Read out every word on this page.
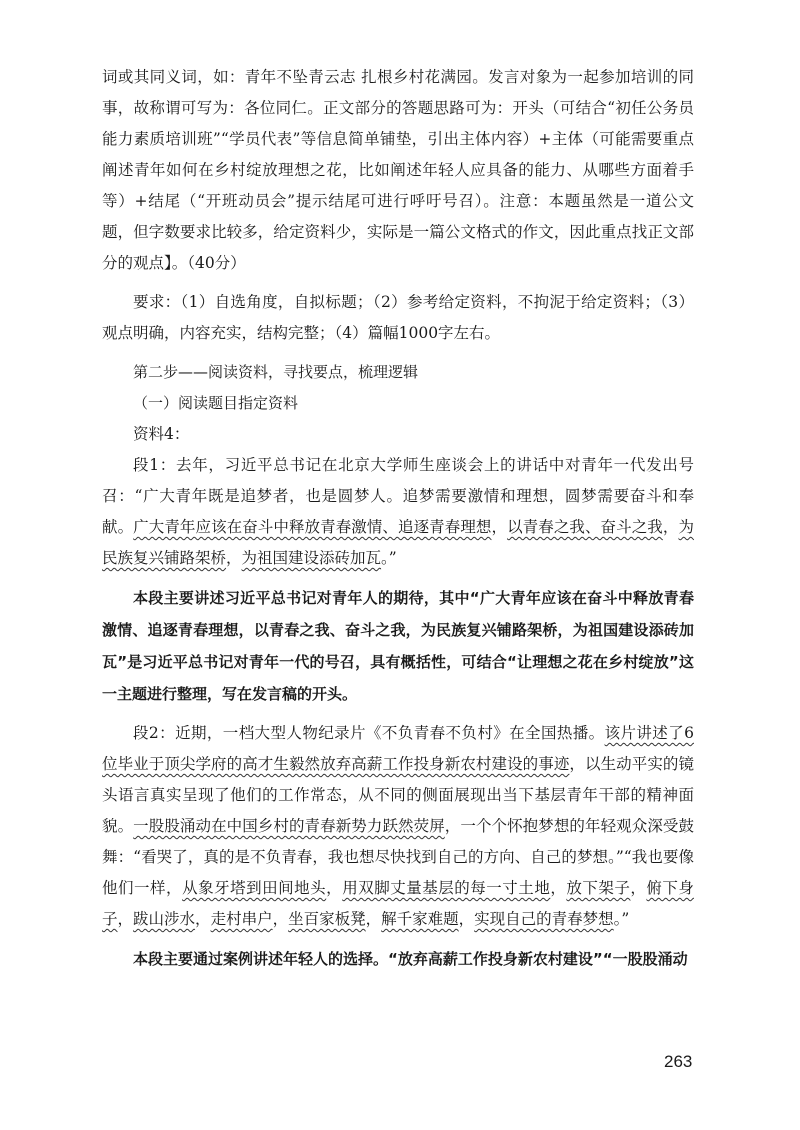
词或其同义词，如：青年不坠青云志 扎根乡村花满园。发言对象为一起参加培训的同事，故称谓可写为：各位同仁。正文部分的答题思路可为：开头（可结合“初任公务员能力素质培训班”“学员代表”等信息简单铺垫，引出主体内容）+主体（可能需要重点阐述青年如何在乡村绽放理想之花，比如阐述年轻人应具备的能力、从哪些方面着手等）+结尾（“开班动员会”提示结尾可进行呼吁号召）。注意：本题虽然是一道公文题，但字数要求比较多，给定资料少，实际是一篇公文格式的作文，因此重点找正文部分的观点】。（40分）

要求：（1）自选角度，自拟标题；（2）参考给定资料，不拘泥于给定资料；（3）观点明确，内容充实，结构完整；（4）篇幅1000字左右。

第二步——阅读资料，寻找要点，梳理逻辑

（一）阅读题目指定资料

资料4：

段1：去年，习近平总书记在北京大学师生座谈会上的讲话中对青年一代发出号召：“广大青年既是追梦者，也是圆梦人。追梦需要激情和理想，圆梦需要奋斗和奉献。广大青年应该在奋斗中释放青春激情、追逐青春理想，以青春之我、奋斗之我，为民族复兴铺路架桥，为祖国建设添砖加瓦。”

本段主要讲述习近平总书记对青年人的期待，其中“广大青年应该在奋斗中释放青春激情、追逐青春理想，以青春之我、奋斗之我，为民族复兴铺路架桥，为祖国建设添砖加瓦”是习近平总书记对青年一代的号召，具有概括性，可结合“让理想之花在乡村绽放”这一主题进行整理，写在发言稿的开头。

段2：近期，一档大型人物纪录片《不负青春不负村》在全国热播。该片讲述了6位毕业于顶尖学府的高才生毅然放弃高薪工作投身新农村建设的事迹，以生动平实的镜头语言真实呈现了他们的工作常态，从不同的侧面展现出当下基层青年干部的精神面貌。一股股涌动在中国乡村的青春新势力跃然荧屏，一个个怀抱梦想的年轻观众深受鼓舞：“看哭了，真的是不负青春，我也想尽快找到自己的方向、自己的梦想。”“我也要像他们一样，从象牙塔到田间地头，用双脚丈量基层的每一寸土地，放下架子，俯下身子，跋山涉水，走村串户，坐百家板凳，解千家难题，实现自己的青春梦想。”

本段主要通过案例讲述年轻人的选择。“放弃高薪工作投身新农村建设”“一股股涌动

263
